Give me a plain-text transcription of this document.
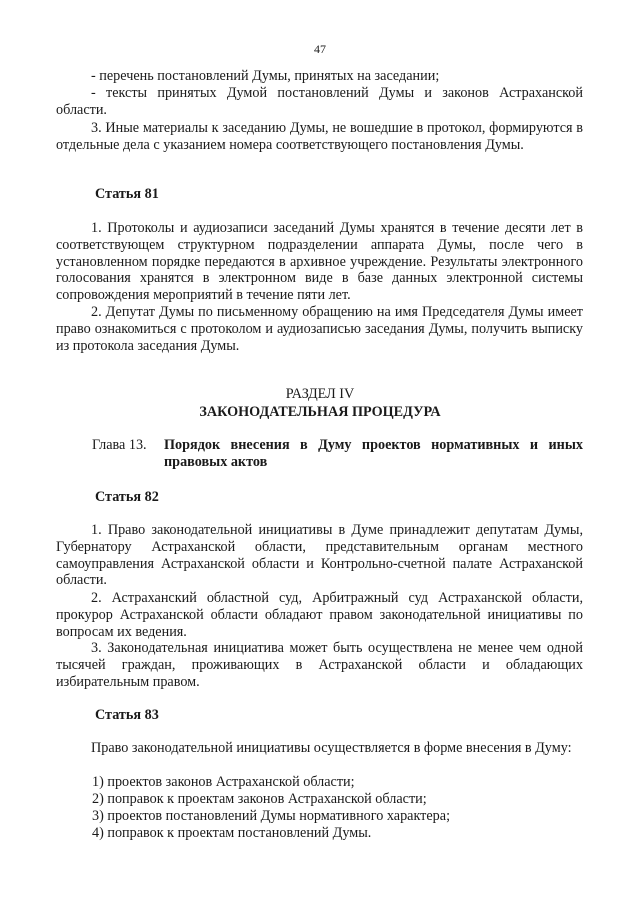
47

- перечень постановлений Думы, принятых на заседании;

- тексты принятых Думой постановлений Думы и законов Астраханской области.

3. Иные материалы к заседанию Думы, не вошедшие в протокол, формируются в отдельные дела с указанием номера соответствующего постановления Думы.

Статья 81

1. Протоколы и аудиозаписи заседаний Думы хранятся в течение десяти лет в соответствующем структурном подразделении аппарата Думы, после чего в установленном порядке передаются в архивное учреждение. Результаты электронного голосования хранятся в электронном виде в базе данных электронной системы сопровождения мероприятий в течение пяти лет.

2. Депутат Думы по письменному обращению на имя Председателя Думы имеет право ознакомиться с протоколом и аудиозаписью заседания Думы, получить выписку из протокола заседания Думы.

РАЗДЕЛ IV
ЗАКОНОДАТЕЛЬНАЯ ПРОЦЕДУРА
Глава 13. Порядок внесения в Думу проектов нормативных и иных правовых актов
Статья 82

1. Право законодательной инициативы в Думе принадлежит депутатам Думы, Губернатору Астраханской области, представительным органам местного самоуправления Астраханской области и Контрольно-счетной палате Астраханской области.

2. Астраханский областной суд, Арбитражный суд Астраханской области, прокурор Астраханской области обладают правом законодательной инициативы по вопросам их ведения.

3. Законодательная инициатива может быть осуществлена не менее чем одной тысячей граждан, проживающих в Астраханской области и обладающих избирательным правом.

Статья 83

Право законодательной инициативы осуществляется в форме внесения в Думу:

1) проектов законов Астраханской области;
2) поправок к проектам законов Астраханской области;
3) проектов постановлений Думы нормативного характера;
4) поправок к проектам постановлений Думы.
